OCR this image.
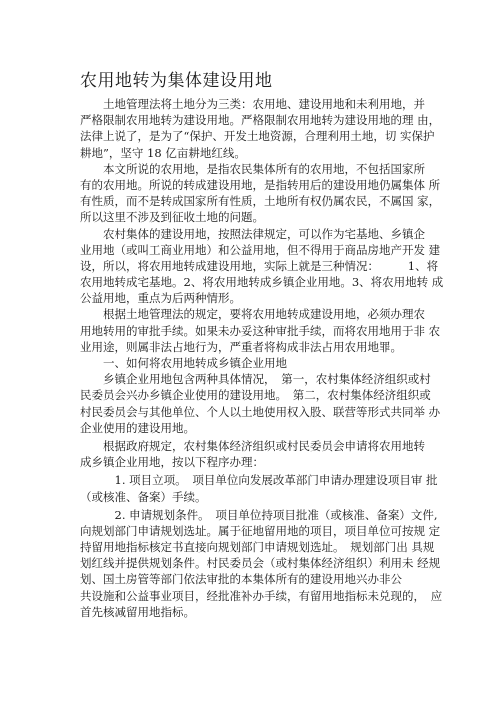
农用地转为集体建设用地
　　土地管理法将土地分为三类：农用地、建设用地和未利用地，并
严格限制农用地转为建设用地。严格限制农用地转为建设用地的理 由，
法律上说了，是为了“保护、开发土地资源，合理利用土地，切 实保护
耕地”，坚守 18 亿亩耕地红线。
　　本文所说的农用地，是指农民集体所有的农用地，不包括国家所
有的农用地。所说的转成建设用地，是指转用后的建设用地仍属集体 所
有性质，而不是转成国家所有性质，土地所有权仍属农民，不属国 家，
所以这里不涉及到征收土地的问题。
　　农村集体的建设用地，按照法律规定，可以作为宅基地、乡镇企
业用地（或叫工商业用地）和公益用地，但不得用于商品房地产开发 建
设，所以，将农用地转成建设用地，实际上就是三种情况：　　　1、将
农用地转成宅基地。2、将农用地转成乡镇企业用地。3、将农用地转 成
公益用地，重点为后两种情形。
　　根据土地管理法的规定，要将农用地转成建设用地，必须办理农
用地转用的审批手续。如果未办妥这种审批手续，而将农用地用于非 农
业用途，则属非法占地行为，严重者将构成非法占用农用地罪。
　　一、如何将农用地转成乡镇企业用地
　　乡镇企业用地包含两种具体情况，　第一，农村集体经济组织或村
民委员会兴办乡镇企业使用的建设用地。　第二，农村集体经济组织或
村民委员会与其他单位、个人以土地使用权入股、联营等形式共同举 办
企业使用的建设用地。
　　根据政府规定，农村集体经济组织或村民委员会申请将农用地转
成乡镇企业用地，按以下程序办理：
　　　1. 项目立项。　项目单位向发展改革部门申请办理建设项目审 批
（或核准、备案）手续。
　　　2. 申请规划条件。　项目单位持项目批准（或核准、备案）文件,
向规划部门申请规划选址。属于征地留用地的项目，项目单位可按规 定
持留用地指标核定书直接向规划部门申请规划选址。　规划部门出 具规
划红线并提供规划条件。村民委员会（或村集体经济组织）利用未 经规
划、国土房管等部门依法审批的本集体所有的建设用地兴办非公
共设施和公益事业项目，经批准补办手续，有留用地指标未兑现的，　应
首先核减留用地指标。
